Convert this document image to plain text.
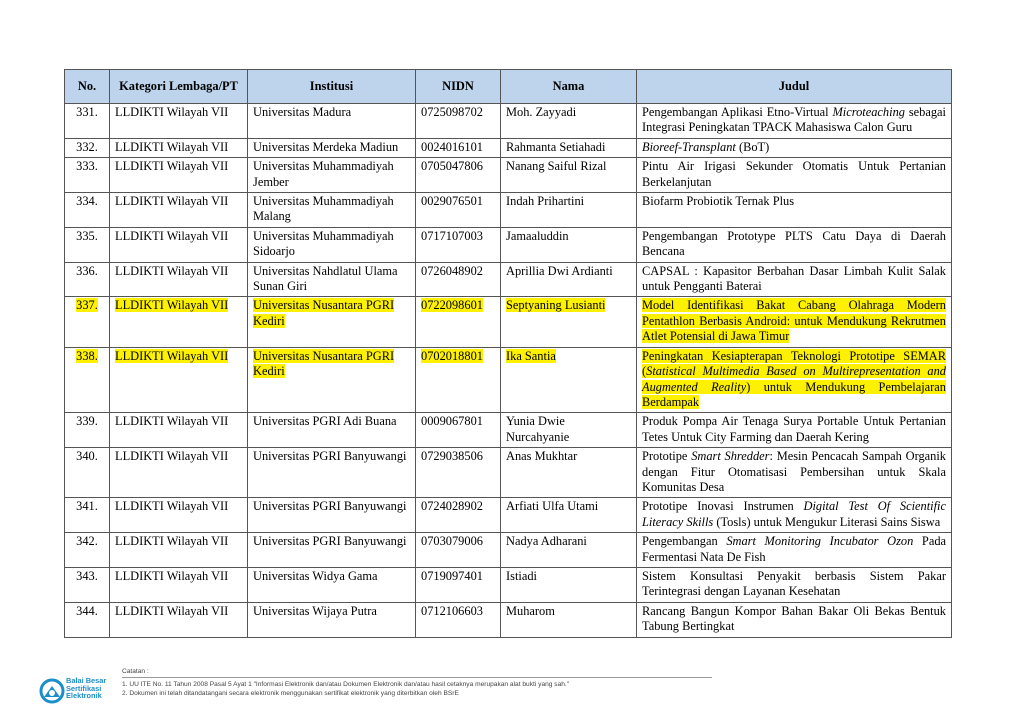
No.	Kategori Lembaga/PT	Institusi	NIDN	Nama	Judul
331.	LLDIKTI Wilayah VII	Universitas Madura	0725098702	Moh. Zayyadi	Pengembangan Aplikasi Etno-Virtual Microteaching sebagai Integrasi Peningkatan TPACK Mahasiswa Calon Guru
332.	LLDIKTI Wilayah VII	Universitas Merdeka Madiun	0024016101	Rahmanta Setiahadi	Bioreef-Transplant (BoT)
333.	LLDIKTI Wilayah VII	Universitas Muhammadiyah Jember	0705047806	Nanang Saiful Rizal	Pintu Air Irigasi Sekunder Otomatis Untuk Pertanian Berkelanjutan
334.	LLDIKTI Wilayah VII	Universitas Muhammadiyah Malang	0029076501	Indah Prihartini	Biofarm Probiotik Ternak Plus
335.	LLDIKTI Wilayah VII	Universitas Muhammadiyah Sidoarjo	0717107003	Jamaaluddin	Pengembangan Prototype PLTS Catu Daya di Daerah Bencana
336.	LLDIKTI Wilayah VII	Universitas Nahdlatul Ulama Sunan Giri	0726048902	Aprillia Dwi Ardianti	CAPSAL : Kapasitor Berbahan Dasar Limbah Kulit Salak untuk Pengganti Baterai
337.	LLDIKTI Wilayah VII	Universitas Nusantara PGRI Kediri	0722098601	Septyaning Lusianti	Model Identifikasi Bakat Cabang Olahraga Modern Pentathlon Berbasis Android: untuk Mendukung Rekrutmen Atlet Potensial di Jawa Timur
338.	LLDIKTI Wilayah VII	Universitas Nusantara PGRI Kediri	0702018801	Ika Santia	Peningkatan Kesiapterapan Teknologi Prototipe SEMAR (Statistical Multimedia Based on Multirepresentation and Augmented Reality) untuk Mendukung Pembelajaran Berdampak
339.	LLDIKTI Wilayah VII	Universitas PGRI Adi Buana	0009067801	Yunia Dwie Nurcahyanie	Produk Pompa Air Tenaga Surya Portable Untuk Pertanian Tetes Untuk City Farming dan Daerah Kering
340.	LLDIKTI Wilayah VII	Universitas PGRI Banyuwangi	0729038506	Anas Mukhtar	Prototipe Smart Shredder: Mesin Pencacah Sampah Organik dengan Fitur Otomatisasi Pembersihan untuk Skala Komunitas Desa
341.	LLDIKTI Wilayah VII	Universitas PGRI Banyuwangi	0724028902	Arfiati Ulfa Utami	Prototipe Inovasi Instrumen Digital Test Of Scientific Literacy Skills (Tosls) untuk Mengukur Literasi Sains Siswa
342.	LLDIKTI Wilayah VII	Universitas PGRI Banyuwangi	0703079006	Nadya Adharani	Pengembangan Smart Monitoring Incubator Ozon Pada Fermentasi Nata De Fish
343.	LLDIKTI Wilayah VII	Universitas Widya Gama	0719097401	Istiadi	Sistem Konsultasi Penyakit berbasis Sistem Pakar Terintegrasi dengan Layanan Kesehatan
344.	LLDIKTI Wilayah VII	Universitas Wijaya Putra	0712106603	Muharom	Rancang Bangun Kompor Bahan Bakar Oli Bekas Bentuk Tabung Bertingkat
Balai Besar
Sertifikasi
Elektronik
Catatan :
1. UU ITE No. 11 Tahun 2008 Pasal 5 Ayat 1 "Informasi Elektronik dan/atau Dokumen Elektronik dan/atau hasil cetaknya merupakan alat bukti yang sah."
2. Dokumen ini telah ditandatangani secara elektronik menggunakan sertifikat elektronik yang diterbitkan oleh BSrE
